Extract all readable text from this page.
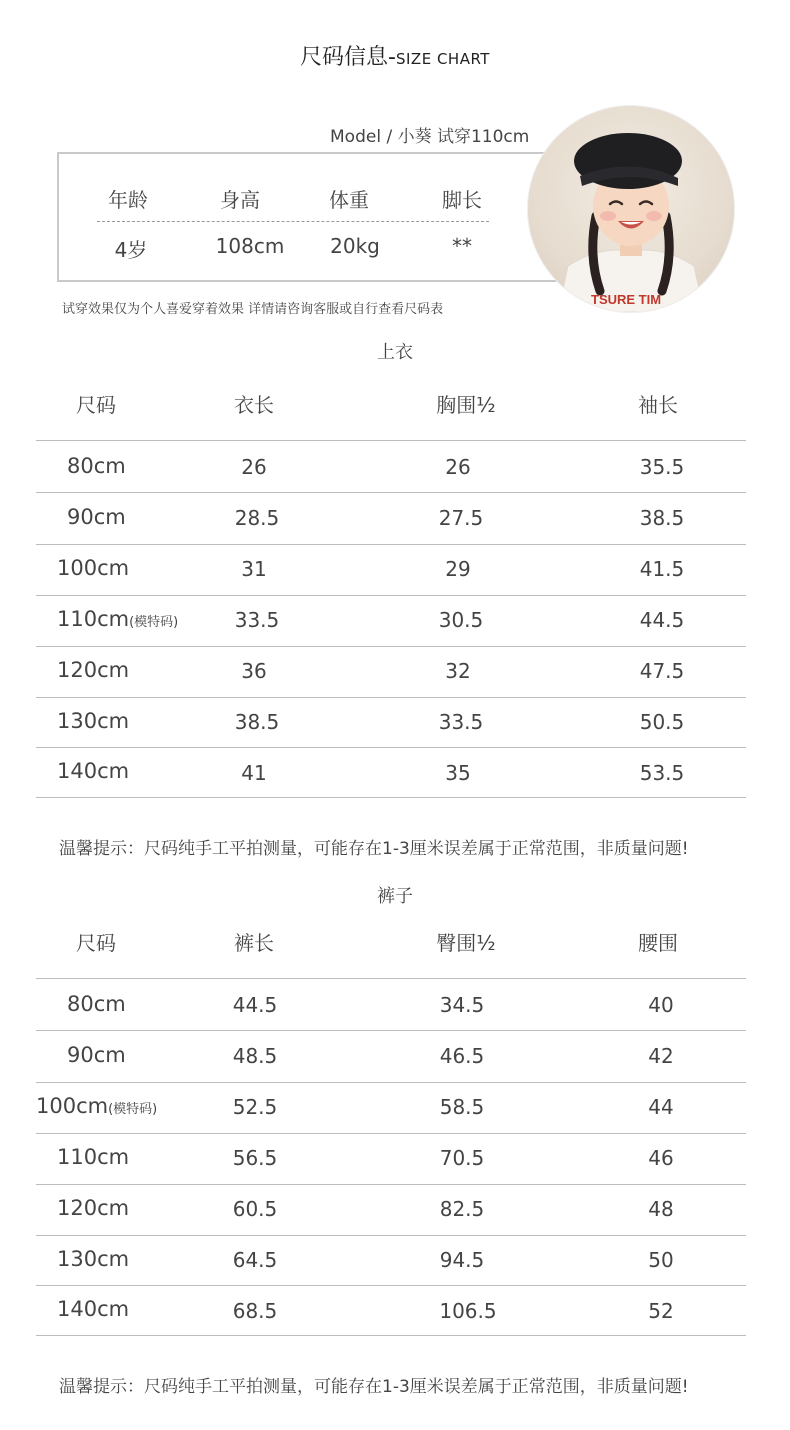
尺码信息-SIZE CHART
Model / 小葵 试穿110cm
年龄	身高	体重	脚长
4岁	108cm	20kg	**
TSURE TIM
试穿效果仅为个人喜爱穿着效果 详情请咨询客服或自行查看尺码表
上衣
尺码	衣长	胸围½	袖长
80cm	26	26	35.5
90cm	28.5	27.5	38.5
100cm	31	29	41.5
110cm(模特码)	33.5	30.5	44.5
120cm	36	32	47.5
130cm	38.5	33.5	50.5
140cm	41	35	53.5
温馨提示：尺码纯手工平拍测量，可能存在1-3厘米误差属于正常范围，非质量问题!
裤子
尺码	裤长	臀围½	腰围
80cm	44.5	34.5	40
90cm	48.5	46.5	42
100cm(模特码)	52.5	58.5	44
110cm	56.5	70.5	46
120cm	60.5	82.5	48
130cm	64.5	94.5	50
140cm	68.5	106.5	52
温馨提示：尺码纯手工平拍测量，可能存在1-3厘米误差属于正常范围，非质量问题!
